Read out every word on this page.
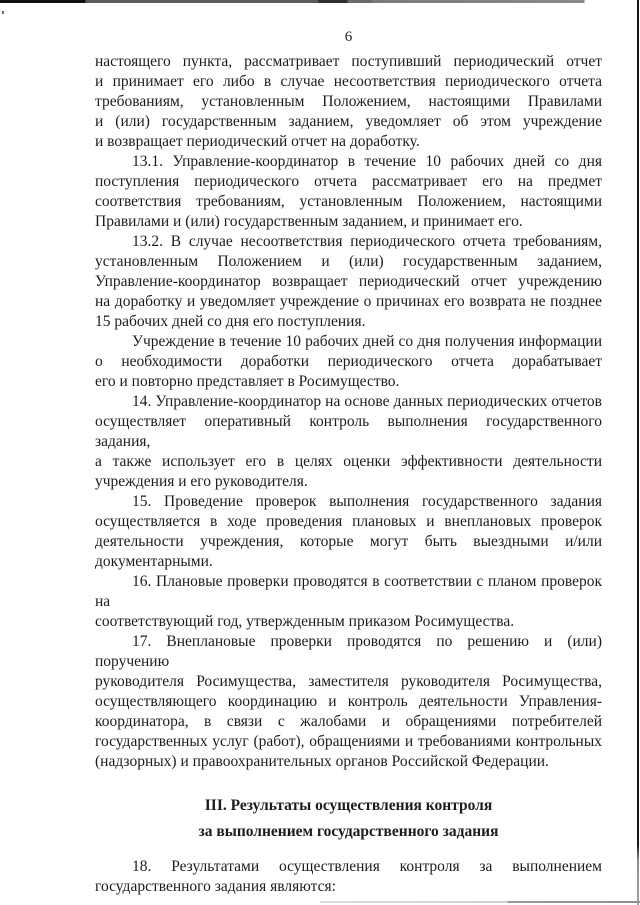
6
настоящего пункта, рассматривает поступивший периодический отчет
и принимает его либо в случае несоответствия периодического отчета
требованиям, установленным Положением, настоящими Правилами
и (или) государственным заданием, уведомляет об этом учреждение
и возвращает периодический отчет на доработку.
13.1. Управление-координатор в течение 10 рабочих дней со дня
поступления периодического отчета рассматривает его на предмет
соответствия требованиям, установленным Положением, настоящими
Правилами и (или) государственным заданием, и принимает его.
13.2. В случае несоответствия периодического отчета требованиям,
установленным Положением и (или) государственным заданием,
Управление-координатор возвращает периодический отчет учреждению
на доработку и уведомляет учреждение о причинах его возврата не позднее
15 рабочих дней со дня его поступления.
Учреждение в течение 10 рабочих дней со дня получения информации
о необходимости доработки периодического отчета дорабатывает
его и повторно представляет в Росимущество.
14. Управление-координатор на основе данных периодических отчетов
осуществляет оперативный контроль выполнения государственного задания,
а также использует его в целях оценки эффективности деятельности
учреждения и его руководителя.
15. Проведение проверок выполнения государственного задания
осуществляется в ходе проведения плановых и внеплановых проверок
деятельности учреждения, которые могут быть выездными и/или
документарными.
16. Плановые проверки проводятся в соответствии с планом проверок на
соответствующий год, утвержденным приказом Росимущества.
17. Внеплановые проверки проводятся по решению и (или) поручению
руководителя Росимущества, заместителя руководителя Росимущества,
осуществляющего координацию и контроль деятельности Управления-
координатора, в связи с жалобами и обращениями потребителей
государственных услуг (работ), обращениями и требованиями контрольных
(надзорных) и правоохранительных органов Российской Федерации.
III. Результаты осуществления контроля
за выполнением государственного задания
18. Результатами осуществления контроля за выполнением
государственного задания являются:
